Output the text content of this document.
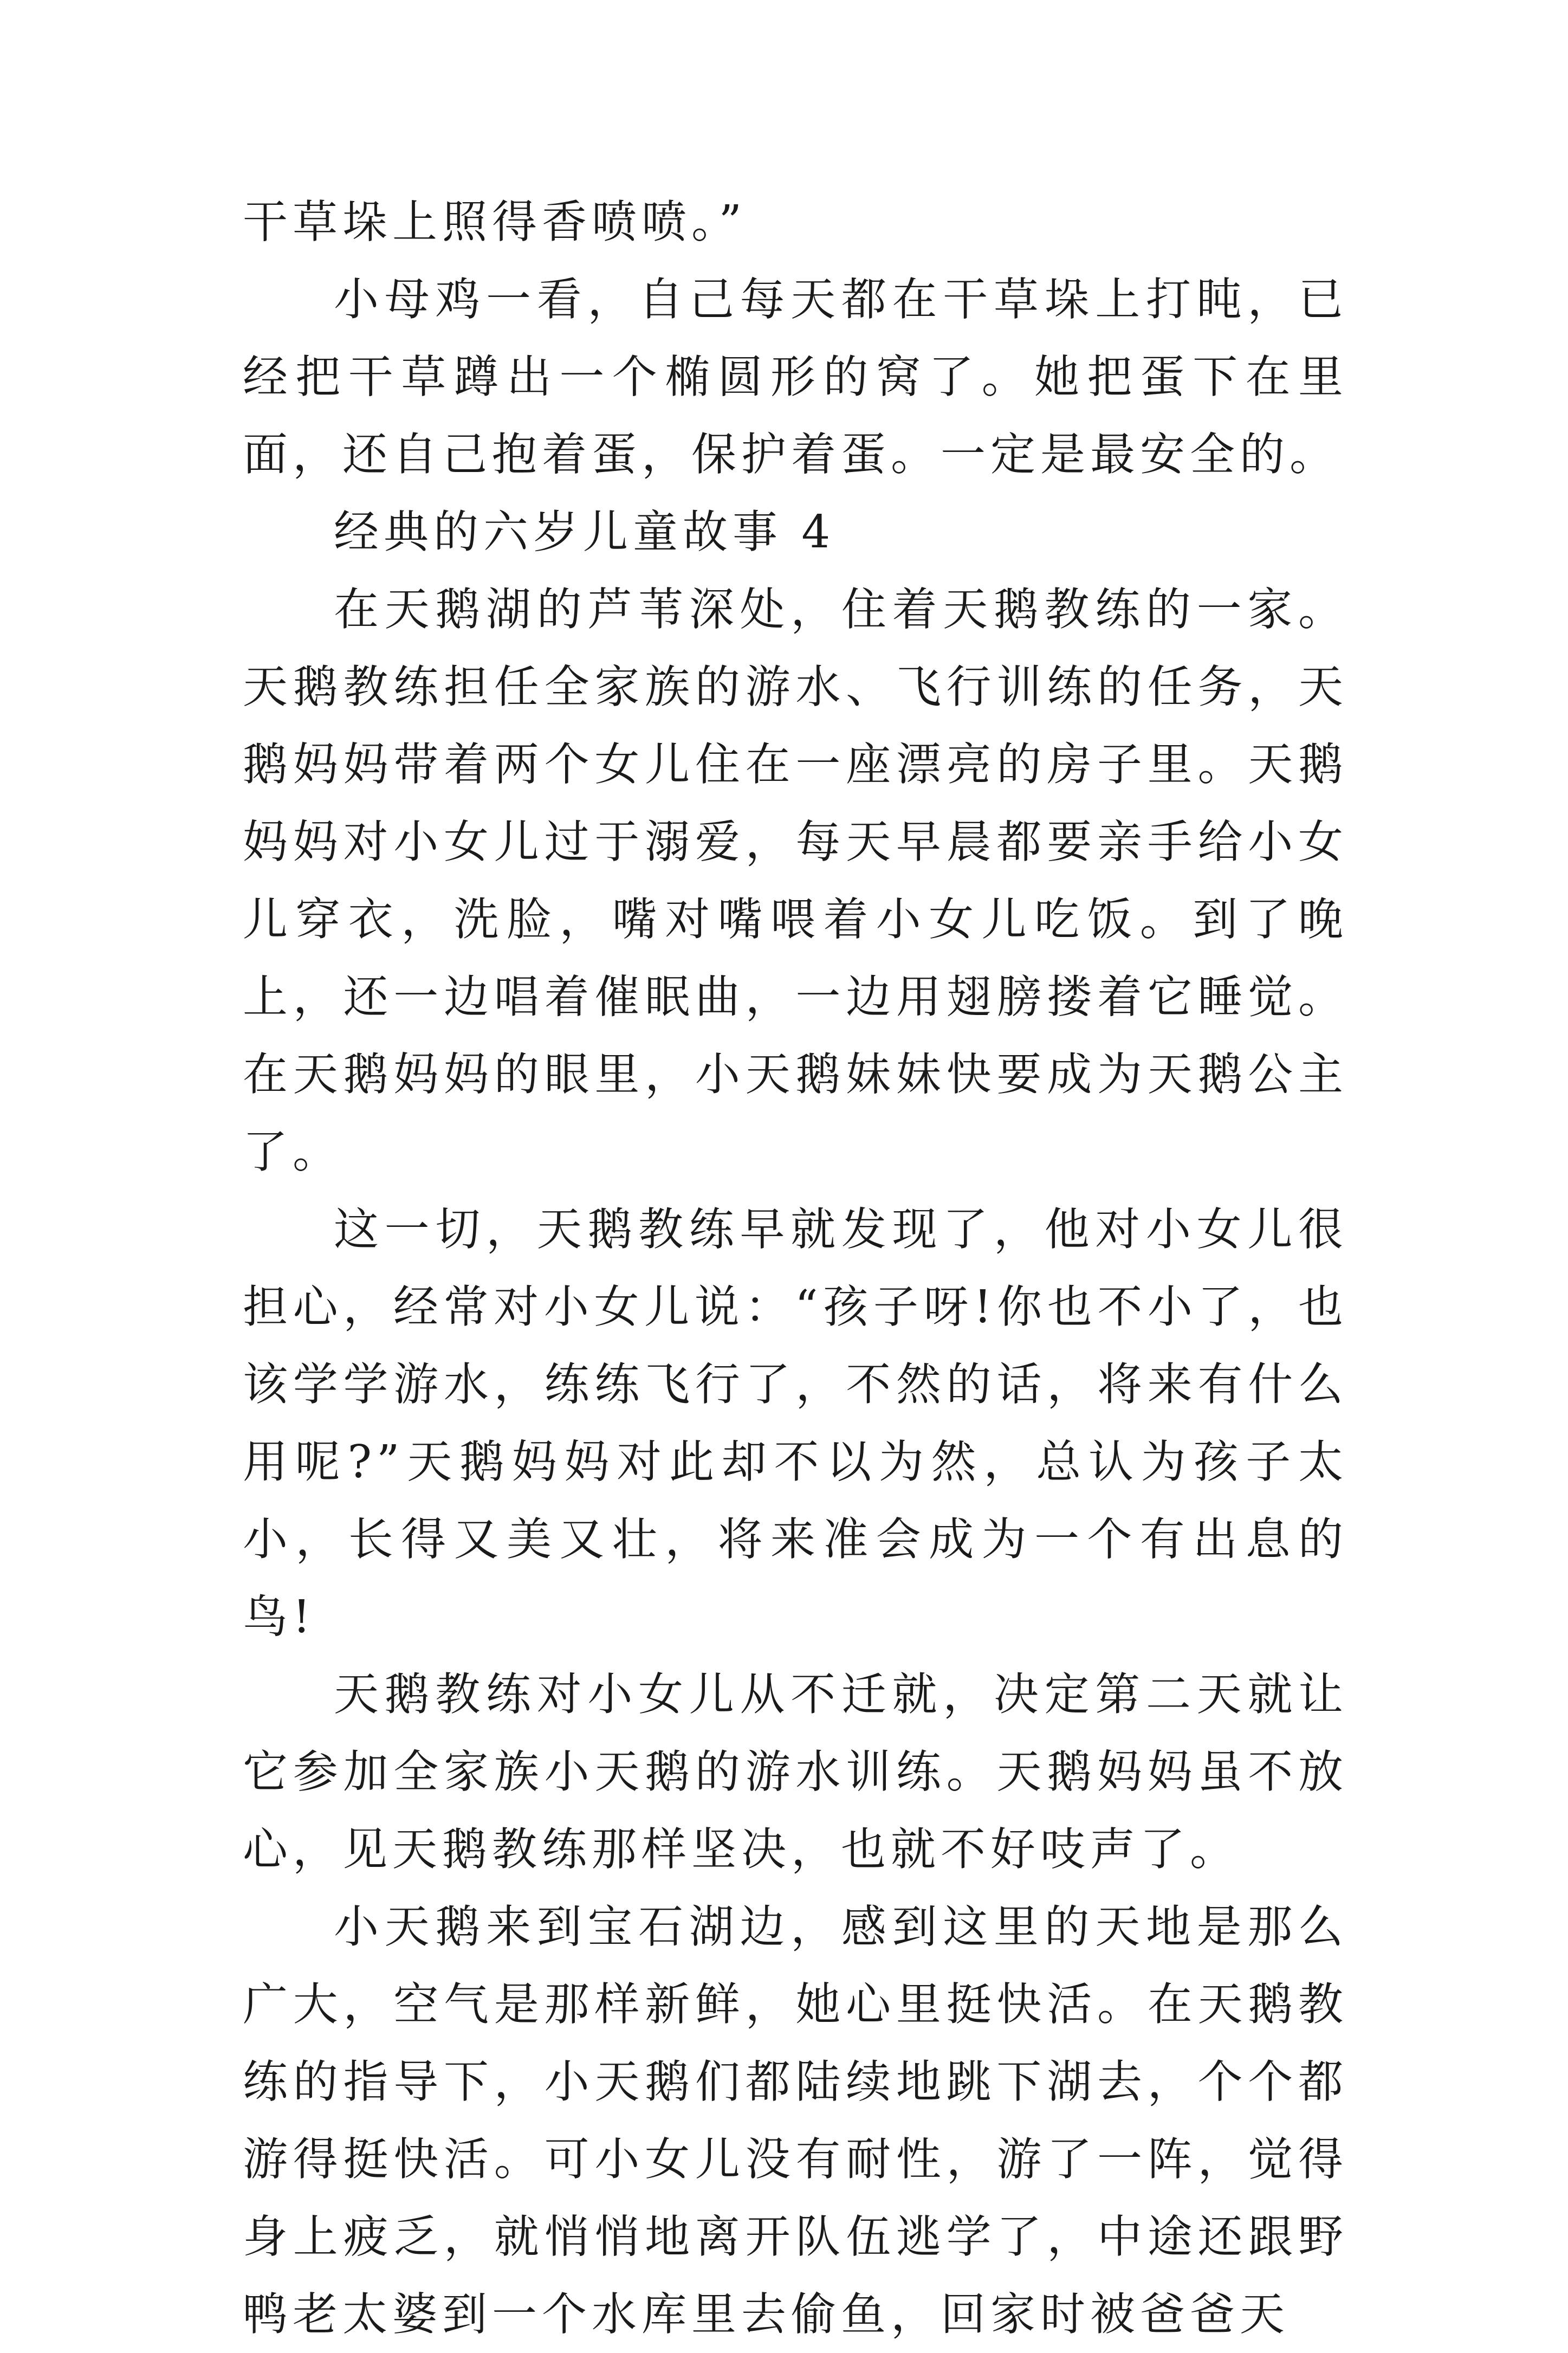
干草垛上照得香喷喷。”

小母鸡一看，自己每天都在干草垛上打盹，已经把干草蹲出一个椭圆形的窝了。她把蛋下在里面，还自己抱着蛋，保护着蛋。一定是最安全的。

经典的六岁儿童故事 4

在天鹅湖的芦苇深处，住着天鹅教练的一家。天鹅教练担任全家族的游水、飞行训练的任务，天鹅妈妈带着两个女儿住在一座漂亮的房子里。天鹅妈妈对小女儿过于溺爱，每天早晨都要亲手给小女儿穿衣，洗脸，嘴对嘴喂着小女儿吃饭。到了晚上，还一边唱着催眠曲，一边用翅膀搂着它睡觉。在天鹅妈妈的眼里，小天鹅妹妹快要成为天鹅公主了。

这一切，天鹅教练早就发现了，他对小女儿很担心，经常对小女儿说：“孩子呀!你也不小了，也该学学游水，练练飞行了，不然的话，将来有什么用呢?”天鹅妈妈对此却不以为然，总认为孩子太小，长得又美又壮，将来准会成为一个有出息的鸟!

天鹅教练对小女儿从不迁就，决定第二天就让它参加全家族小天鹅的游水训练。天鹅妈妈虽不放心，见天鹅教练那样坚决，也就不好吱声了。

小天鹅来到宝石湖边，感到这里的天地是那么广大，空气是那样新鲜，她心里挺快活。在天鹅教练的指导下，小天鹅们都陆续地跳下湖去，个个都游得挺快活。可小女儿没有耐性，游了一阵，觉得身上疲乏，就悄悄地离开队伍逃学了，中途还跟野鸭老太婆到一个水库里去偷鱼，回家时被爸爸天
